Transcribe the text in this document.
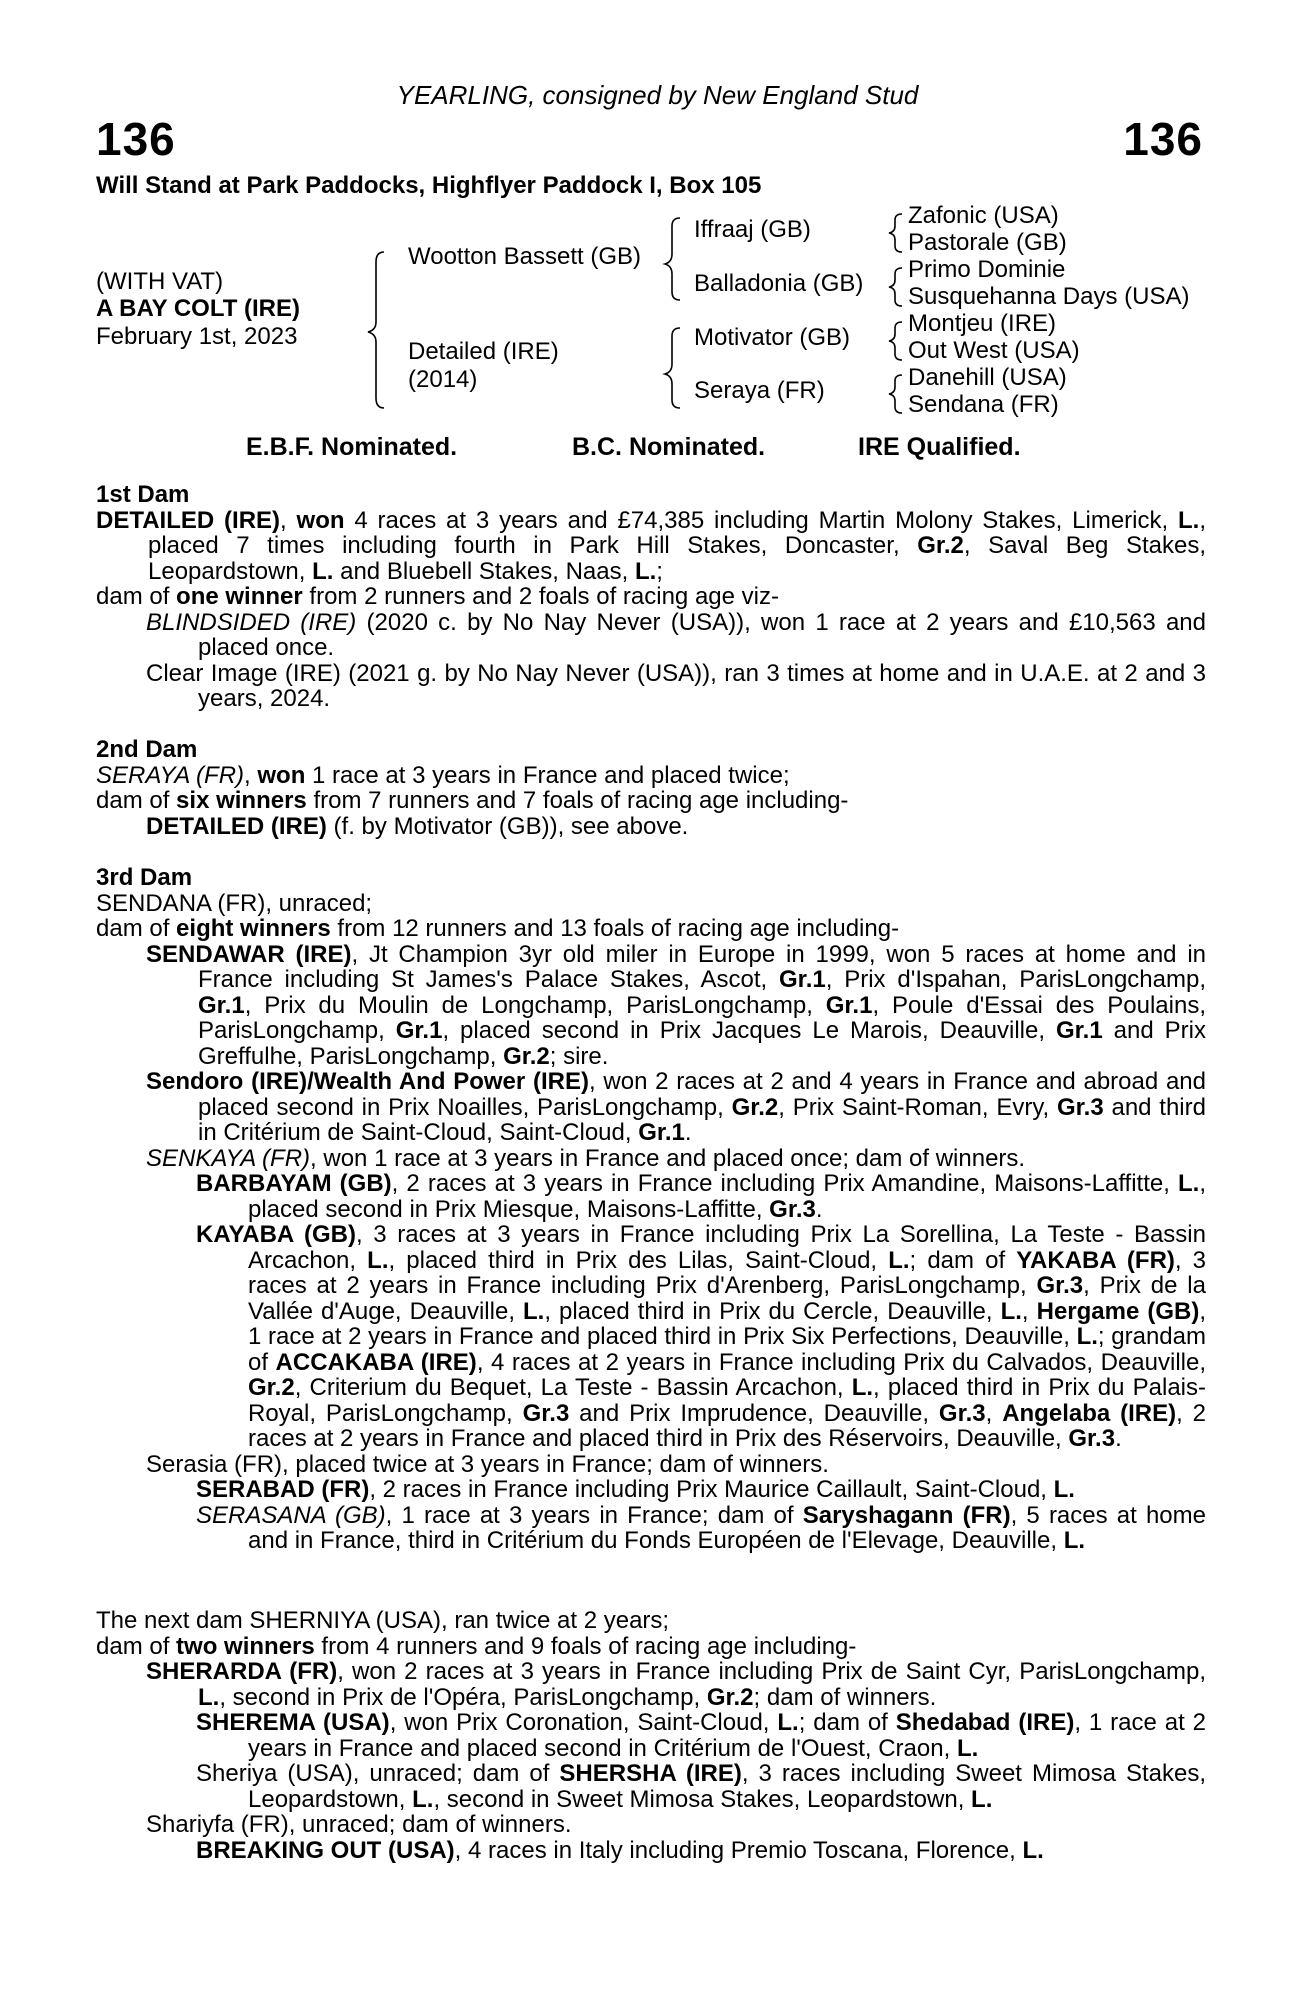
YEARLING, consigned by New England Stud
136	136
Will Stand at Park Paddocks, Highflyer Paddock I, Box 105
(WITH VAT)
A BAY COLT (IRE)
February 1st, 2023
Wootton Bassett (GB)
Detailed (IRE)
(2014)
Iffraaj (GB)
Balladonia (GB)
Motivator (GB)
Seraya (FR)
Zafonic (USA)
Pastorale (GB)
Primo Dominie
Susquehanna Days (USA)
Montjeu (IRE)
Out West (USA)
Danehill (USA)
Sendana (FR)
E.B.F. Nominated.	B.C. Nominated.	IRE Qualified.
1st Dam

DETAILED (IRE), won 4 races at 3 years and £74,385 including Martin Molony Stakes, Limerick, L., placed 7 times including fourth in Park Hill Stakes, Doncaster, Gr.2, Saval Beg Stakes, Leopardstown, L. and Bluebell Stakes, Naas, L.;

dam of one winner from 2 runners and 2 foals of racing age viz-

BLINDSIDED (IRE) (2020 c. by No Nay Never (USA)), won 1 race at 2 years and £10,563 and placed once.

Clear Image (IRE) (2021 g. by No Nay Never (USA)), ran 3 times at home and in U.A.E. at 2 and 3 years, 2024.

2nd Dam

SERAYA (FR), won 1 race at 3 years in France and placed twice;

dam of six winners from 7 runners and 7 foals of racing age including-

DETAILED (IRE) (f. by Motivator (GB)), see above.

3rd Dam

SENDANA (FR), unraced;

dam of eight winners from 12 runners and 13 foals of racing age including-

SENDAWAR (IRE), Jt Champion 3yr old miler in Europe in 1999, won 5 races at home and in France including St James's Palace Stakes, Ascot, Gr.1, Prix d'Ispahan, ParisLongchamp, Gr.1, Prix du Moulin de Longchamp, ParisLongchamp, Gr.1, Poule d'Essai des Poulains, ParisLongchamp, Gr.1, placed second in Prix Jacques Le Marois, Deauville, Gr.1 and Prix Greffulhe, ParisLongchamp, Gr.2; sire.

Sendoro (IRE)/Wealth And Power (IRE), won 2 races at 2 and 4 years in France and abroad and placed second in Prix Noailles, ParisLongchamp, Gr.2, Prix Saint-Roman, Evry, Gr.3 and third in Critérium de Saint-Cloud, Saint-Cloud, Gr.1.

SENKAYA (FR), won 1 race at 3 years in France and placed once; dam of winners.

BARBAYAM (GB), 2 races at 3 years in France including Prix Amandine, Maisons-Laffitte, L., placed second in Prix Miesque, Maisons-Laffitte, Gr.3.

KAYABA (GB), 3 races at 3 years in France including Prix La Sorellina, La Teste - Bassin Arcachon, L., placed third in Prix des Lilas, Saint-Cloud, L.; dam of YAKABA (FR), 3 races at 2 years in France including Prix d'Arenberg, ParisLongchamp, Gr.3, Prix de la Vallée d'Auge, Deauville, L., placed third in Prix du Cercle, Deauville, L., Hergame (GB), 1 race at 2 years in France and placed third in Prix Six Perfections, Deauville, L.; grandam of ACCAKABA (IRE), 4 races at 2 years in France including Prix du Calvados, Deauville, Gr.2, Criterium du Bequet, La Teste - Bassin Arcachon, L., placed third in Prix du Palais-Royal, ParisLongchamp, Gr.3 and Prix Imprudence, Deauville, Gr.3, Angelaba (IRE), 2 races at 2 years in France and placed third in Prix des Réservoirs, Deauville, Gr.3.

Serasia (FR), placed twice at 3 years in France; dam of winners.

SERABAD (FR), 2 races in France including Prix Maurice Caillault, Saint-Cloud, L.

SERASANA (GB), 1 race at 3 years in France; dam of Saryshagann (FR), 5 races at home and in France, third in Critérium du Fonds Européen de l'Elevage, Deauville, L.

The next dam SHERNIYA (USA), ran twice at 2 years;

dam of two winners from 4 runners and 9 foals of racing age including-

SHERARDA (FR), won 2 races at 3 years in France including Prix de Saint Cyr, ParisLongchamp, L., second in Prix de l'Opéra, ParisLongchamp, Gr.2; dam of winners.

SHEREMA (USA), won Prix Coronation, Saint-Cloud, L.; dam of Shedabad (IRE), 1 race at 2 years in France and placed second in Critérium de l'Ouest, Craon, L.

Sheriya (USA), unraced; dam of SHERSHA (IRE), 3 races including Sweet Mimosa Stakes, Leopardstown, L., second in Sweet Mimosa Stakes, Leopardstown, L.

Shariyfa (FR), unraced; dam of winners.

BREAKING OUT (USA), 4 races in Italy including Premio Toscana, Florence, L.
